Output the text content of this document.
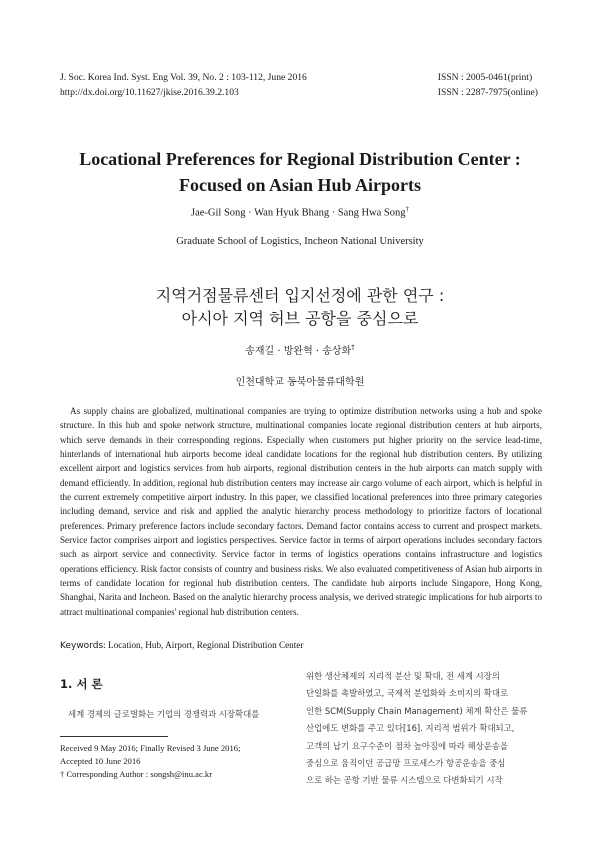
J. Soc. Korea Ind. Syst. Eng Vol. 39, No. 2 : 103-112, June 2016
http://dx.doi.org/10.11627/jkise.2016.39.2.103
ISSN : 2005-0461(print)
ISSN : 2287-7975(online)
Locational Preferences for Regional Distribution Center :
Focused on Asian Hub Airports
Jae-Gil Song · Wan Hyuk Bhang · Sang Hwa Song†
Graduate School of Logistics, Incheon National University
지역거점물류센터 입지선정에 관한 연구 :
아시아 지역 허브 공항을 중심으로
송재길 · 방완혁 · 송상화†
인천대학교 동북아물류대학원

As supply chains are globalized, multinational companies are trying to optimize distribution networks using a hub and spoke structure. In this hub and spoke network structure, multinational companies locate regional distribution centers at hub airports, which serve demands in their corresponding regions. Especially when customers put higher priority on the service lead-time, hinterlands of international hub airports become ideal candidate locations for the regional hub distribution centers. By utilizing excellent airport and logistics services from hub airports, regional distribution centers in the hub airports can match supply with demand efficiently. In addition, regional hub distribution centers may increase air cargo volume of each airport, which is helpful in the current extremely competitive airport industry. In this paper, we classified locational preferences into three primary categories including demand, service and risk and applied the analytic hierarchy process methodology to prioritize factors of locational preferences. Primary preference factors include secondary factors. Demand factor contains access to current and prospect markets. Service factor comprises airport and logistics perspectives. Service factor in terms of airport operations includes secondary factors such as airport service and connectivity. Service factor in terms of logistics operations contains infrastructure and logistics operations efficiency. Risk factor consists of country and business risks. We also evaluated competitiveness of Asian hub airports in terms of candidate location for regional hub distribution centers. The candidate hub airports include Singapore, Hong Kong, Shanghai, Narita and Incheon. Based on the analytic hierarchy process analysis, we derived strategic implications for hub airports to attract multinational companies' regional hub distribution centers.

Keywords: Location, Hub, Airport, Regional Distribution Center
1. 서 론
세계 경제의 글로벌화는 기업의 경쟁력과 시장확대를
Received 9 May 2016; Finally Revised 3 June 2016;
Accepted 10 June 2016
† Corresponding Author : songsh@inu.ac.kr
위한 생산체제의 지리적 분산 및 확대, 전 세계 시장의
단일화를 촉발하였고, 국제적 분업화와 소비지의 확대로
인한 SCM(Supply Chain Management) 체계 확산은 물류
산업에도 변화를 주고 있다[16]. 지리적 범위가 확대되고,
고객의 납기 요구수준이 점차 높아짐에 따라 해상운송을
중심으로 움직이던 공급망 프로세스가 항공운송을 중심
으로 하는 공항 기반 물류 시스템으로 다변화되기 시작
